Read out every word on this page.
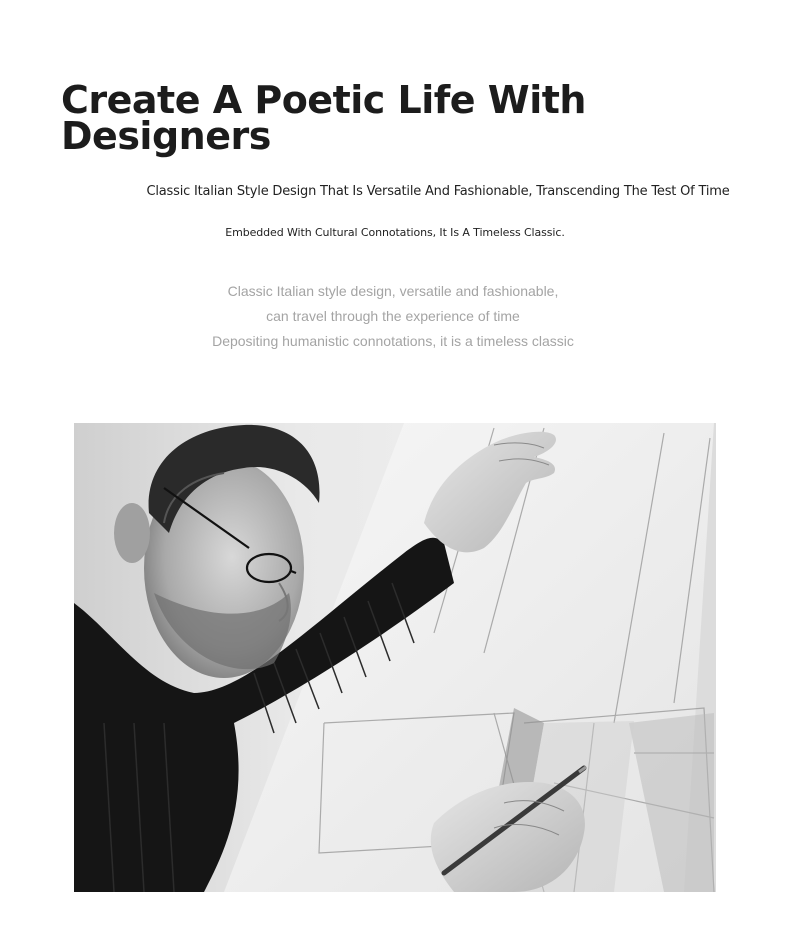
Create A Poetic Life With
Designers

Classic Italian Style Design That Is Versatile And Fashionable, Transcending The Test Of Time

Embedded With Cultural Connotations, It Is A Timeless Classic.

Classic Italian style design, versatile and fashionable,
can travel through the experience of time
Depositing humanistic connotations, it is a timeless classic
